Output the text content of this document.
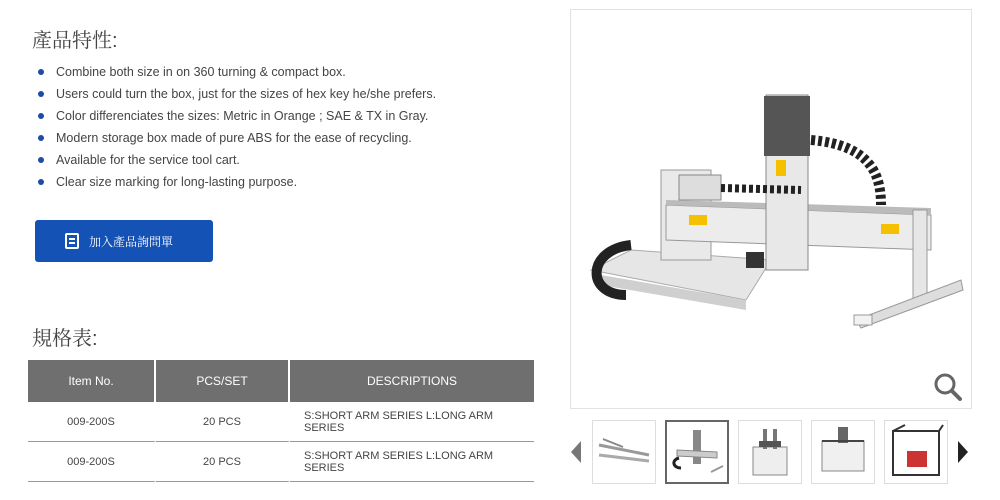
產品特性:
Combine both size in on 360 turning & compact box.
Users could turn the box, just for the sizes of hex key he/she prefers.
Color differenciates the sizes: Metric in Orange ; SAE & TX in Gray.
Modern storage box made of pure ABS for the ease of recycling.
Available for the service tool cart.
Clear size marking for long-lasting purpose.
加入產品詢問單
規格表:
Item No.	PCS/SET	DESCRIPTIONS
009-200S	20 PCS	S:SHORT ARM SERIES L:LONG ARM SERIES
009-200S	20 PCS	S:SHORT ARM SERIES L:LONG ARM SERIES
